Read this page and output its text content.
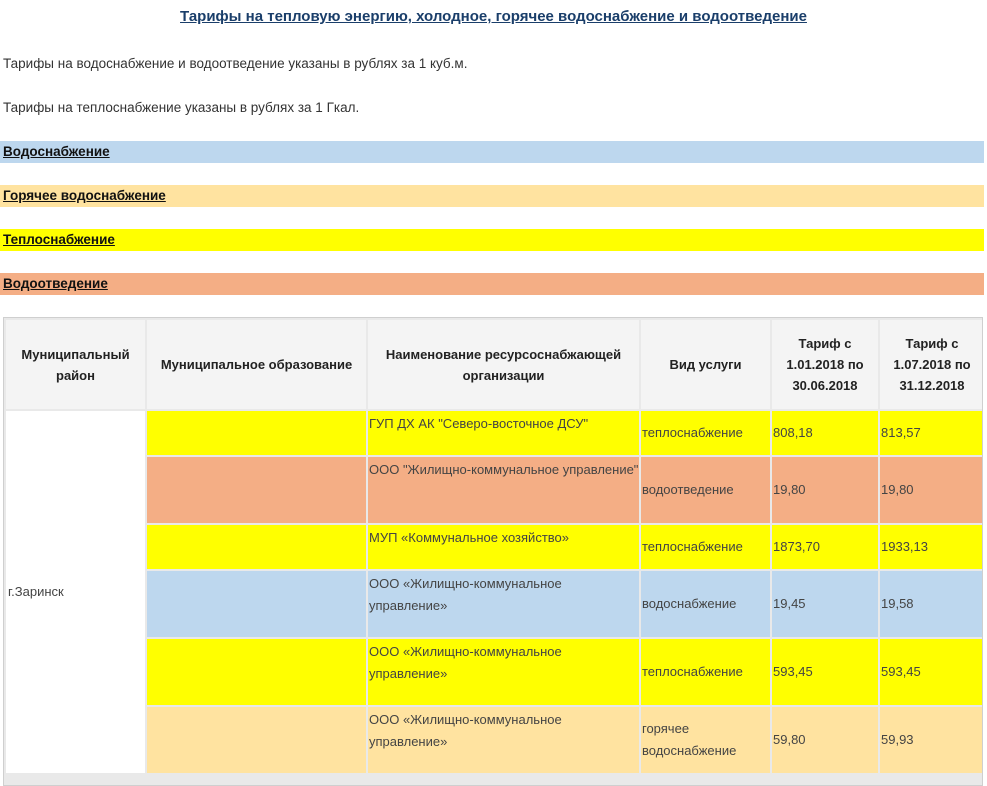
Тарифы на тепловую энергию, холодное, горячее водоснабжение и водоотведение
Тарифы на водоснабжение и водоотведение указаны в рублях за 1 куб.м.
Тарифы на теплоснабжение указаны в рублях за 1 Гкал.
Водоснабжение
Горячее водоснабжение
Теплоснабжение
Водоотведение
Муниципальный район	Муниципальное образование	Наименование ресурсоснабжающей организации	Вид услуги	Тариф с 1.01.2018 по 30.06.2018	Тариф с 1.07.2018 по 31.12.2018
г.Заринск		ГУП ДХ АК "Северо-восточное ДСУ"	теплоснабжение	808,18	813,57
		ООО "Жилищно-коммунальное управление"	водоотведение	19,80	19,80
		МУП «Коммунальное хозяйство»	теплоснабжение	1873,70	1933,13
		ООО «Жилищно-коммунальное управление»	водоснабжение	19,45	19,58
		ООО «Жилищно-коммунальное управление»	теплоснабжение	593,45	593,45
		ООО «Жилищно-коммунальное управление»	горячее водоснабжение	59,80	59,93
